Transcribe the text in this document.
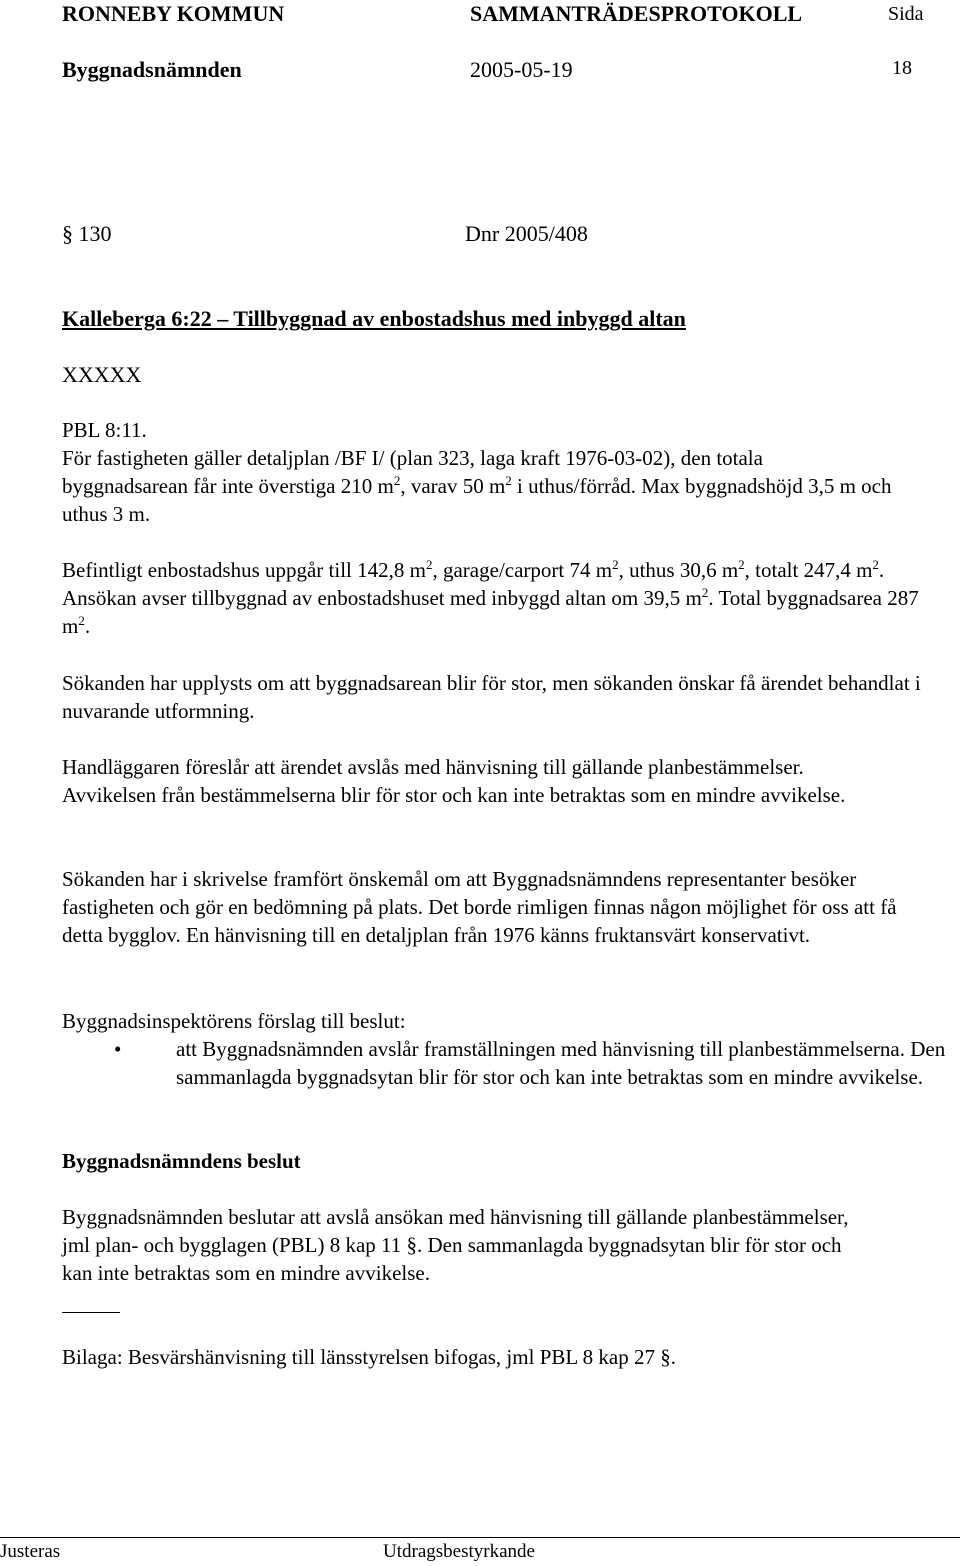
RONNEBY KOMMUN	SAMMANTRÄDESPROTOKOLL	Sida
Byggnadsnämnden	2005-05-19	18
§ 130	Dnr 2005/408
Kalleberga 6:22 – Tillbyggnad av enbostadshus med inbyggd altan
XXXXX
PBL 8:11.
För fastigheten gäller detaljplan /BF I/ (plan 323, laga kraft 1976-03-02), den totala byggnadsarean får inte överstiga 210 $m^2$, varav 50 $m^2$ i uthus/förråd. Max byggnadshöjd 3,5 m och uthus 3 m.
Befintligt enbostadshus uppgår till 142,8 $m^2$, garage/carport 74 $m^2$, uthus 30,6 $m^2$, totalt 247,4 $m^2$. Ansökan avser tillbyggnad av enbostadshuset med inbyggd altan om 39,5 $m^2$. Total byggnadsarea 287 $m^2$.
Sökanden har upplysts om att byggnadsarean blir för stor, men sökanden önskar få ärendet behandlat i nuvarande utformning.
Handläggaren föreslår att ärendet avslås med hänvisning till gällande planbestämmelser. Avvikelsen från bestämmelserna blir för stor och kan inte betraktas som en mindre avvikelse.
Sökanden har i skrivelse framfört önskemål om att Byggnadsnämndens representanter besöker fastigheten och gör en bedömning på plats. Det borde rimligen finnas någon möjlighet för oss att få detta bygglov. En hänvisning till en detaljplan från 1976 känns fruktansvärt konservativt.
Byggnadsinspektörens förslag till beslut:
•	att Byggnadsnämnden avslår framställningen med hänvisning till planbestämmelserna. Den sammanlagda byggnadsytan blir för stor och kan inte betraktas som en mindre avvikelse.
Byggnadsnämndens beslut
Byggnadsnämnden beslutar att avslå ansökan med hänvisning till gällande planbestämmelser, jml plan- och bygglagen (PBL) 8 kap 11 §. Den sammanlagda byggnadsytan blir för stor och kan inte betraktas som en mindre avvikelse.
Bilaga: Besvärshänvisning till länsstyrelsen bifogas, jml PBL 8 kap 27 §.
Justeras	Utdragsbestyrkande
